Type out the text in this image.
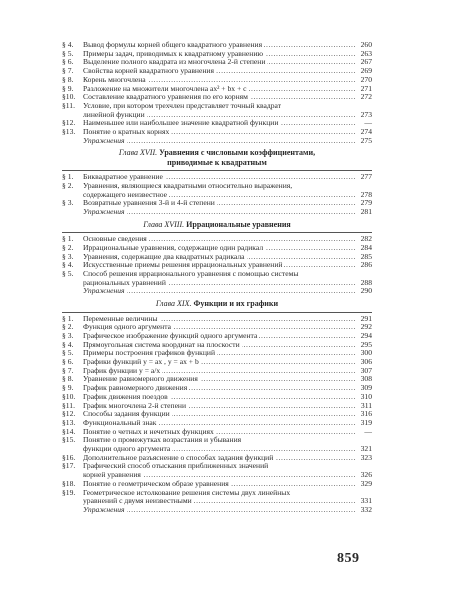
§ 4.	Вывод формулы корней общего квадратного уравнения .....	260
§ 5.	Примеры задач, приводимых к квадратному уравнению .....	263
§ 6.	Выделение полного квадрата из многочлена 2-й степени .....	267
§ 7.	Свойства корней квадратного уравнения .....	269
§ 8.	Корень многочлена .....	270
§ 9.	Разложение на множители многочлена ax² + bx + c .....	271
§10.	Составление квадратного уравнения по его корням .....	272
§11.	Условие, при котором трехчлен представляет точный квадрат
линейной функции .....	273
§12.	Наименьшее или наибольшее значение квадратной функции .....	—
§13.	Понятие о кратных корнях .....	274
Упражнения .....	275
Глава XVII. Уравнения с числовыми коэффициентами,
приводимые к квадратным
§ 1.	Биквадратное уравнение .....	277
§ 2.	Уравнения, являющиеся квадратными относительно выражения,
содержащего неизвестное .....	278
§ 3.	Возвратные уравнения 3-й и 4-й степени .....	279
Упражнения .....	281
Глава XVIII. Иррациональные уравнения
§ 1.	Основные сведения .....	282
§ 2.	Иррациональные уравнения, содержащие один радикал .....	284
§ 3.	Уравнения, содержащие два квадратных радикала .....	285
§ 4.	Искусственные приемы решения иррациональных уравнений .....	286
§ 5.	Способ решения иррационального уравнения с помощью системы
рациональных уравнений .....	288
Упражнения .....	290
Глава XIX. Функции и их графики
§ 1.	Переменные величины .....	291
§ 2.	Функция одного аргумента .....	292
§ 3.	Графическое изображение функций одного аргумента .....	294
§ 4.	Прямоугольная система координат на плоскости .....	295
§ 5.	Примеры построения графиков функций .....	300
§ 6.	Графики функций y = ax , y = ax + b .....	306
§ 7.	График функции y = a/x .....	307
§ 8.	Уравнение равномерного движения .....	308
§ 9.	График равномерного движения .....	309
§10.	График движения поездов .....	310
§11.	График многочлена 2-й степени .....	311
§12.	Способы задания функции .....	316
§13.	Функциональный знак .....	319
§14.	Понятие о четных и нечетных функциях .....	—
§15.	Понятие о промежутках возрастания и убывания
функции одного аргумента .....	321
§16.	Дополнительное разъяснение о способах задания функций .....	323
§17.	Графический способ отыскания приближенных значений
корней уравнения .....	326
§18.	Понятие о геометрическом образе уравнения .....	329
§19.	Геометрическое истолкование решения системы двух линейных
уравнений с двумя неизвестными .....	331
Упражнения .....	332
859
